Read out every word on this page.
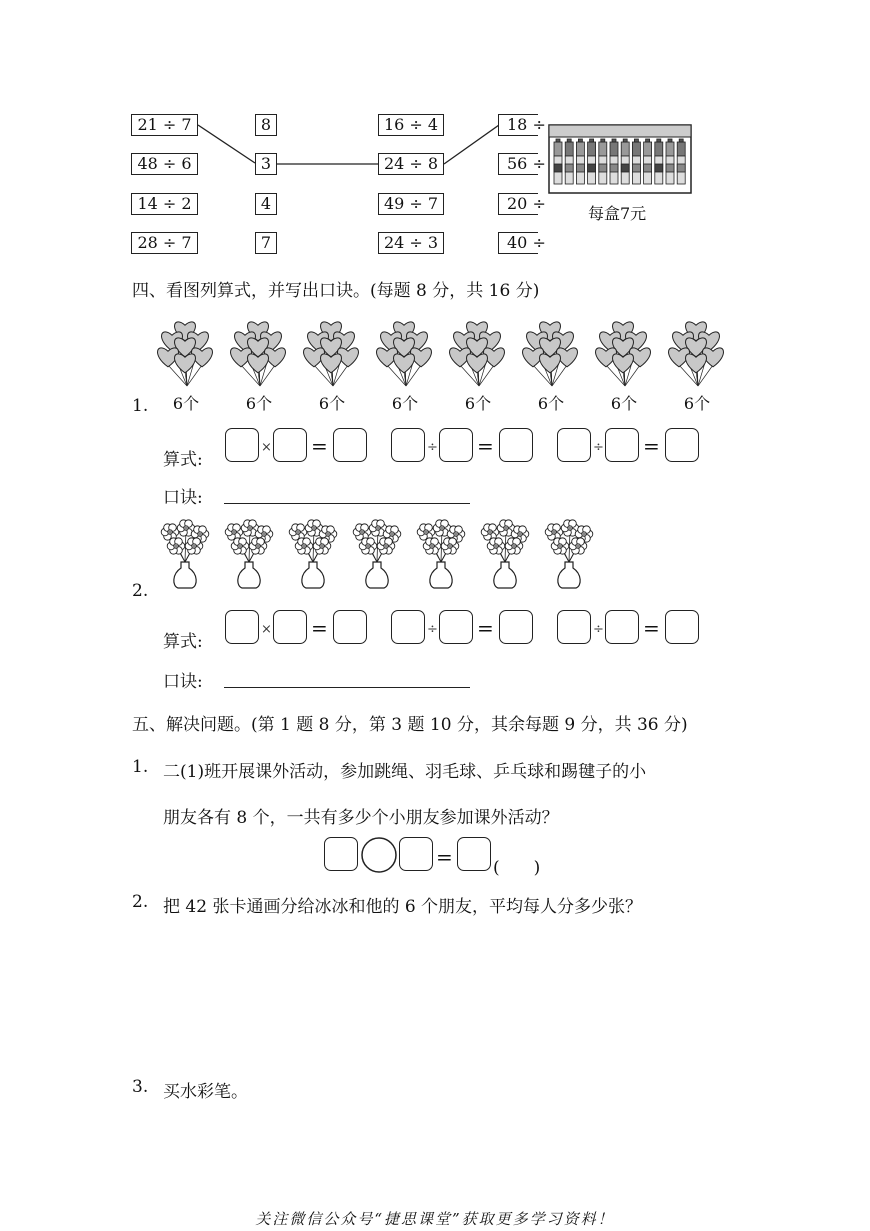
21 ÷ 7
48 ÷ 6
14 ÷ 2
28 ÷ 7
8
3
4
7
16 ÷ 4
24 ÷ 8
49 ÷ 7
24 ÷ 3
18 ÷
56 ÷
20 ÷
40 ÷
每盒7元
四、看图列算式，并写出口诀。(每题 8 分，共 16 分)
1.	6个	6个	6个	6个	6个	6个	6个	6个
算式:
× =	÷ =	÷ =
口诀:
2.
算式:
× =	÷ =	÷ =
口诀:
五、解决问题。(第 1 题 8 分，第 3 题 10 分，其余每题 9 分，共 36 分)
1. 二(1)班开展课外活动，参加跳绳、羽毛球、乒乓球和踢毽子的小
朋友各有 8 个，一共有多少个小朋友参加课外活动？
= (　　)
2. 把 42 张卡通画分给冰冰和他的 6 个朋友，平均每人分多少张？
3. 买水彩笔。
关注微信公众号“捷思课堂”获取更多学习资料！
